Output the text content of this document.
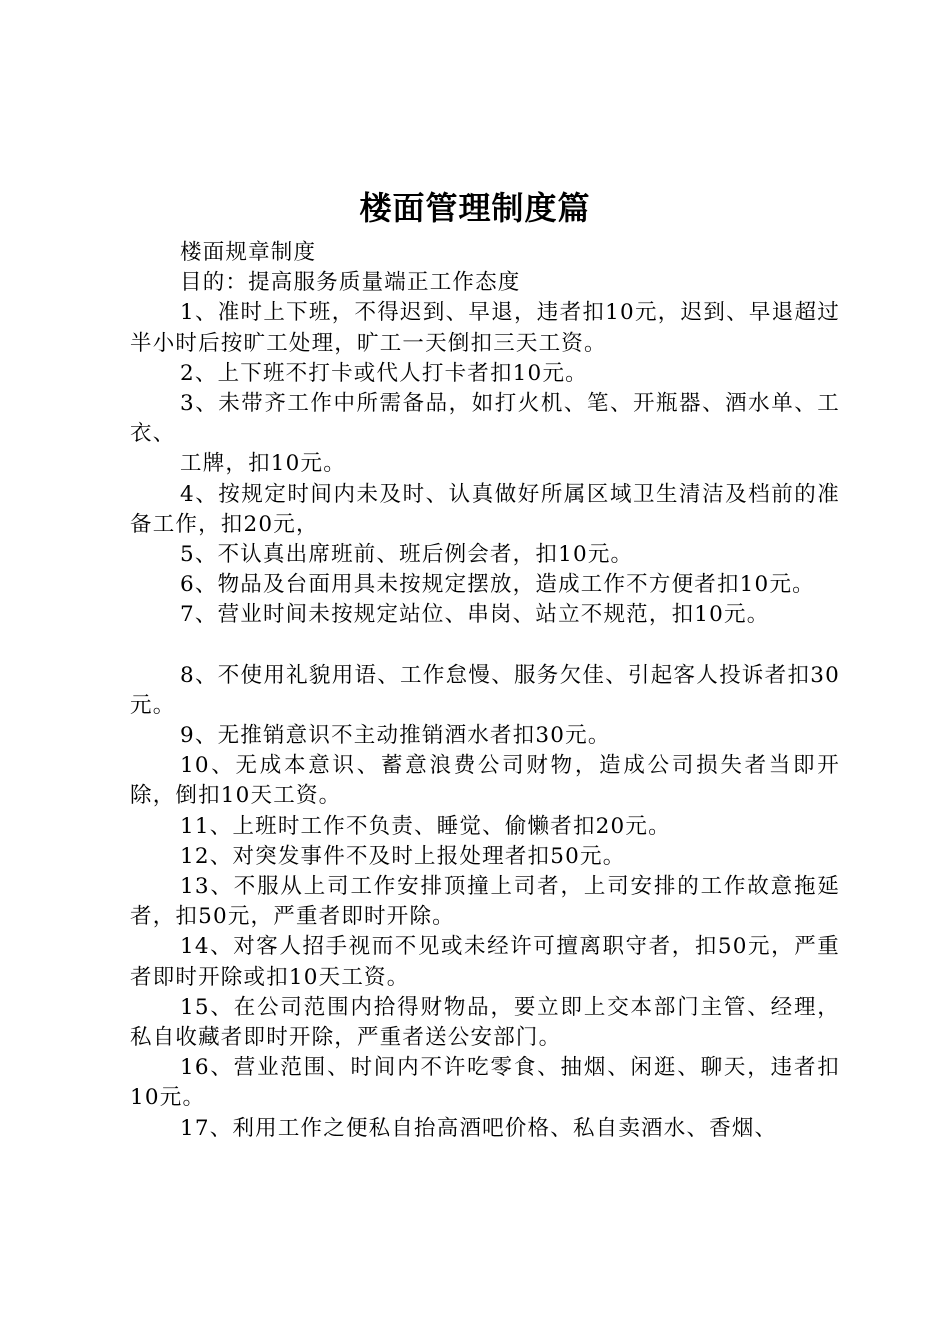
楼面管理制度篇

楼面规章制度

目的：提高服务质量端正工作态度

1、准时上下班，不得迟到、早退，违者扣10元，迟到、早退超过半小时后按旷工处理，旷工一天倒扣三天工资。

2、上下班不打卡或代人打卡者扣10元。

3、未带齐工作中所需备品，如打火机、笔、开瓶器、酒水单、工衣、

工牌，扣10元。

4、按规定时间内未及时、认真做好所属区域卫生清洁及档前的准备工作，扣20元，

5、不认真出席班前、班后例会者，扣10元。

6、物品及台面用具未按规定摆放，造成工作不方便者扣10元。

7、营业时间未按规定站位、串岗、站立不规范，扣10元。

8、不使用礼貌用语、工作怠慢、服务欠佳、引起客人投诉者扣30元。

9、无推销意识不主动推销酒水者扣30元。

10、无成本意识、蓄意浪费公司财物，造成公司损失者当即开除，倒扣10天工资。

11、上班时工作不负责、睡觉、偷懒者扣20元。

12、对突发事件不及时上报处理者扣50元。

13、不服从上司工作安排顶撞上司者，上司安排的工作故意拖延者，扣50元，严重者即时开除。

14、对客人招手视而不见或未经许可擅离职守者，扣50元，严重者即时开除或扣10天工资。

15、在公司范围内拾得财物品，要立即上交本部门主管、经理，私自收藏者即时开除，严重者送公安部门。

16、营业范围、时间内不许吃零食、抽烟、闲逛、聊天，违者扣10元。

17、利用工作之便私自抬高酒吧价格、私自卖酒水、香烟、
